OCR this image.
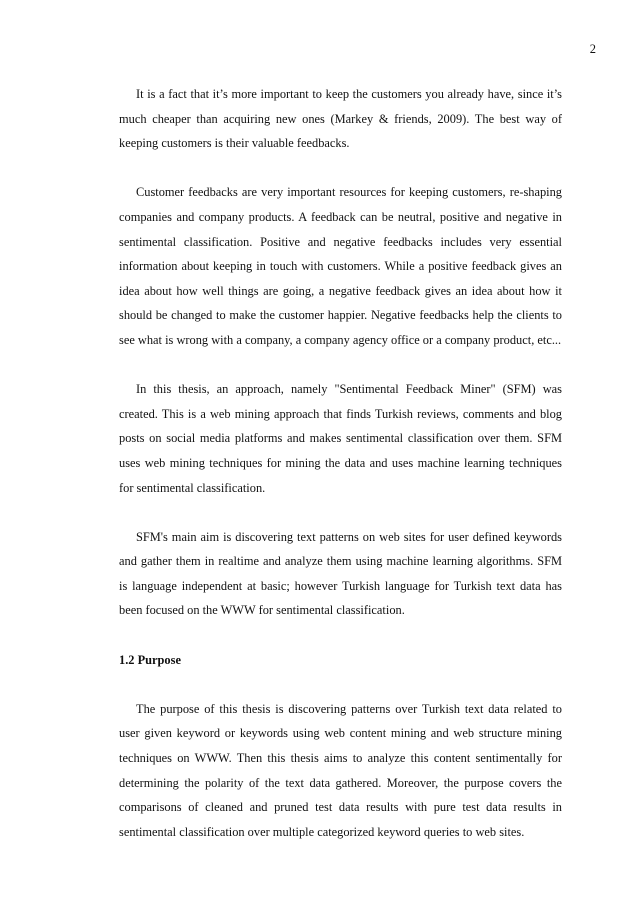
2

It is a fact that it’s more important to keep the customers you already have, since it’s much cheaper than acquiring new ones (Markey & friends, 2009). The best way of keeping customers is their valuable feedbacks.

Customer feedbacks are very important resources for keeping customers, re-shaping companies and company products. A feedback can be neutral, positive and negative in sentimental classification. Positive and negative feedbacks includes very essential information about keeping in touch with customers. While a positive feedback gives an idea about how well things are going, a negative feedback gives an idea about how it should be changed to make the customer happier. Negative feedbacks help the clients to see what is wrong with a company, a company agency office or a company product, etc...

In this thesis, an approach, namely "Sentimental Feedback Miner" (SFM) was created. This is a web mining approach that finds Turkish reviews, comments and blog posts on social media platforms and makes sentimental classification over them. SFM uses web mining techniques for mining the data and uses machine learning techniques for sentimental classification.

SFM's main aim is discovering text patterns on web sites for user defined keywords and gather them in realtime and analyze them using machine learning algorithms. SFM is language independent at basic; however Turkish language for Turkish text data has been focused on the WWW for sentimental classification.

1.2 Purpose

The purpose of this thesis is discovering patterns over Turkish text data related to user given keyword or keywords using web content mining and web structure mining techniques on WWW. Then this thesis aims to analyze this content sentimentally for determining the polarity of the text data gathered. Moreover, the purpose covers the comparisons of cleaned and pruned test data results with pure test data results in sentimental classification over multiple categorized keyword queries to web sites.
